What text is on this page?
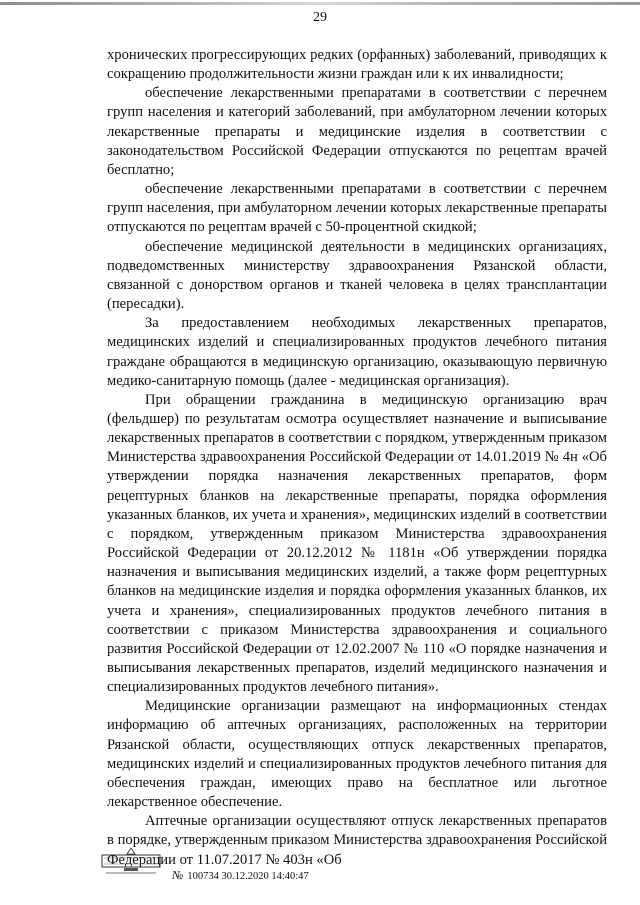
29

хронических прогрессирующих редких (орфанных) заболеваний, приводящих к сокращению продолжительности жизни граждан или к их инвалидности;

обеспечение лекарственными препаратами в соответствии с перечнем групп населения и категорий заболеваний, при амбулаторном лечении которых лекарственные препараты и медицинские изделия в соответствии с законодательством Российской Федерации отпускаются по рецептам врачей бесплатно;

обеспечение лекарственными препаратами в соответствии с перечнем групп населения, при амбулаторном лечении которых лекарственные препараты отпускаются по рецептам врачей с 50-процентной скидкой;

обеспечение медицинской деятельности в медицинских организациях, подведомственных министерству здравоохранения Рязанской области, связанной с донорством органов и тканей человека в целях трансплантации (пересадки).

За предоставлением необходимых лекарственных препаратов, медицинских изделий и специализированных продуктов лечебного питания граждане обращаются в медицинскую организацию, оказывающую первичную медико-санитарную помощь (далее - медицинская организация).

При обращении гражданина в медицинскую организацию врач (фельдшер) по результатам осмотра осуществляет назначение и выписывание лекарственных препаратов в соответствии с порядком, утвержденным приказом Министерства здравоохранения Российской Федерации от 14.01.2019 № 4н «Об утверждении порядка назначения лекарственных препаратов, форм рецептурных бланков на лекарственные препараты, порядка оформления указанных бланков, их учета и хранения», медицинских изделий в соответствии с порядком, утвержденным приказом Министерства здравоохранения Российской Федерации от 20.12.2012 № 1181н «Об утверждении порядка назначения и выписывания медицинских изделий, а также форм рецептурных бланков на медицинские изделия и порядка оформления указанных бланков, их учета и хранения», специализированных продуктов лечебного питания в соответствии с приказом Министерства здравоохранения и социального развития Российской Федерации от 12.02.2007 № 110 «О порядке назначения и выписывания лекарственных препаратов, изделий медицинского назначения и специализированных продуктов лечебного питания».

Медицинские организации размещают на информационных стендах информацию об аптечных организациях, расположенных на территории Рязанской области, осуществляющих отпуск лекарственных препаратов, медицинских изделий и специализированных продуктов лечебного питания для обеспечения граждан, имеющих право на бесплатное или льготное лекарственное обеспечение.

Аптечные организации осуществляют отпуск лекарственных препаратов в порядке, утвержденным приказом Министерства здравоохранения Российской Федерации от 11.07.2017 № 403н «Об

№ 100734 30.12.2020 14:40:47
